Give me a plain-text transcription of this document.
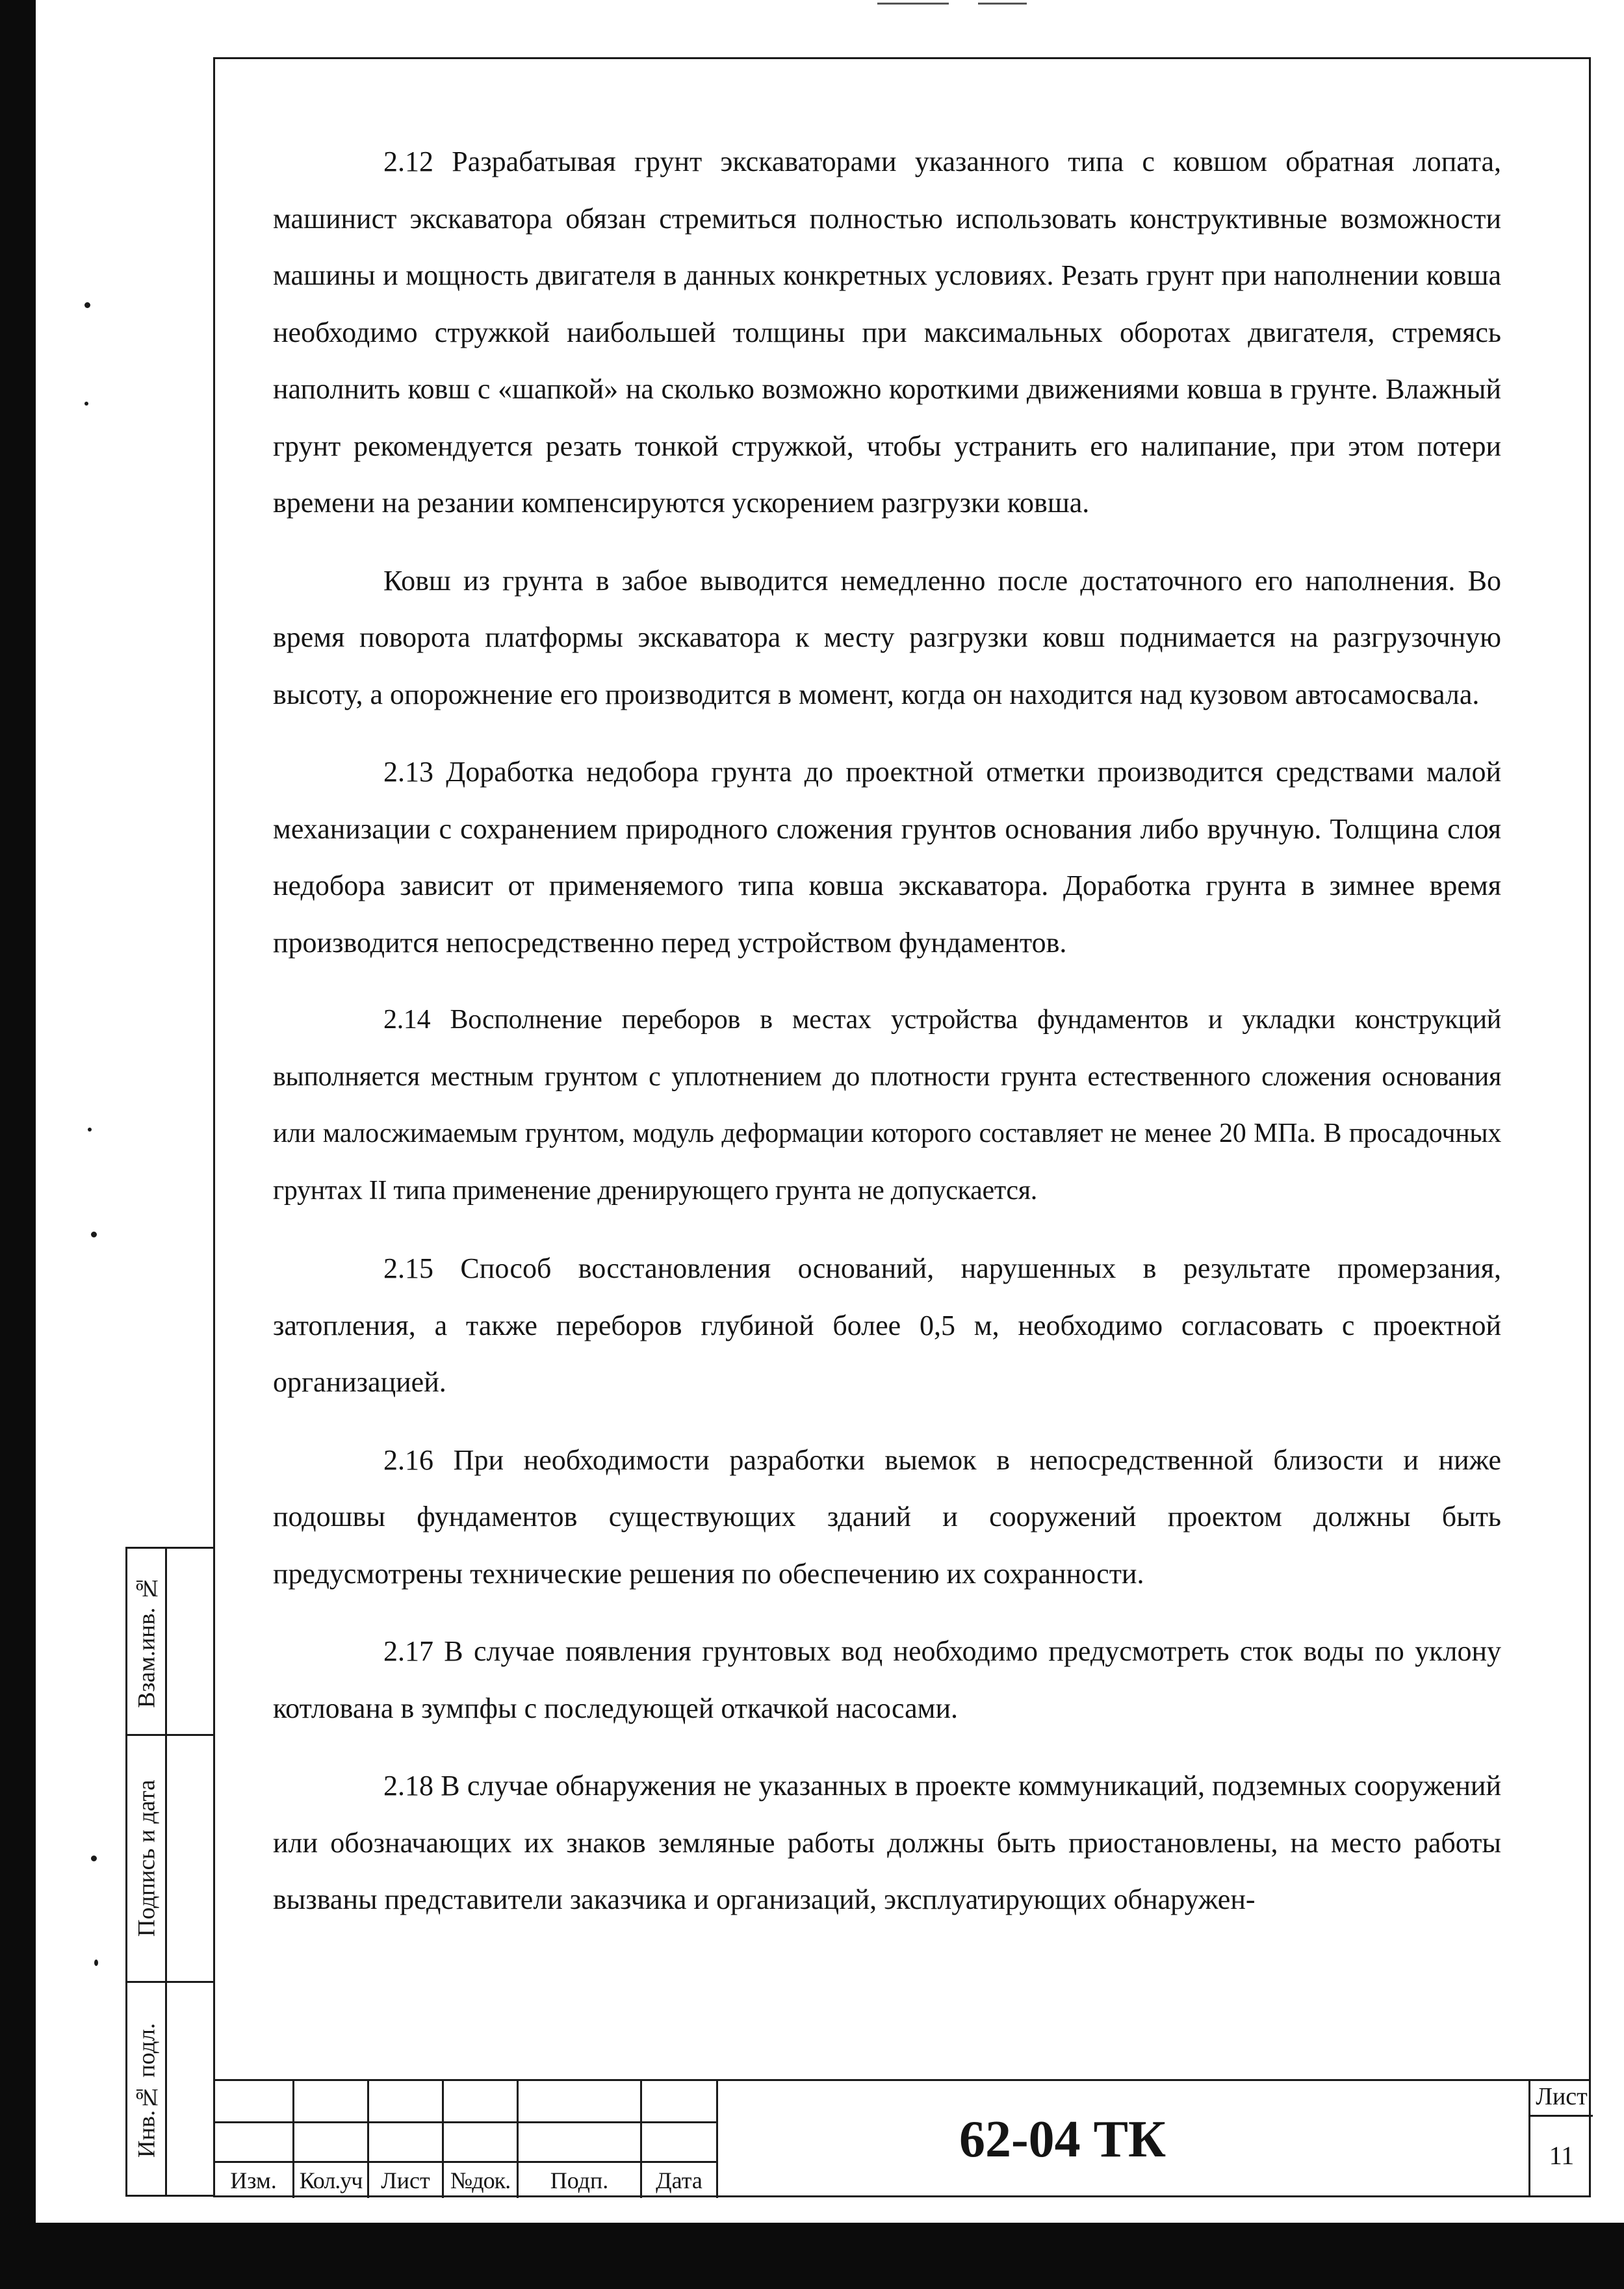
2.12 Разрабатывая грунт экскаваторами указанного типа с ковшом обратная лопата, машинист экскаватора обязан стремиться полностью использовать конструктивные возможности машины и мощность двигателя в данных конкретных условиях. Резать грунт при наполнении ковша необходимо стружкой наибольшей толщины при максимальных оборотах двигателя, стремясь наполнить ковш с «шапкой» на сколько возможно короткими движениями ковша в грунте. Влажный грунт рекомендуется резать тонкой стружкой, чтобы устранить его налипание, при этом потери времени на резании компенсируются ускорением разгрузки ковша.

Ковш из грунта в забое выводится немедленно после достаточного его наполнения. Во время поворота платформы экскаватора к месту разгрузки ковш поднимается на разгрузочную высоту, а опорожнение его производится в момент, когда он находится над кузовом автосамосвала.

2.13 Доработка недобора грунта до проектной отметки производится средствами малой механизации с сохранением природного сложения грунтов основания либо вручную. Толщина слоя недобора зависит от применяемого типа ковша экскаватора. Доработка грунта в зимнее время производится непосредственно перед устройством фундаментов.

2.14 Восполнение переборов в местах устройства фундаментов и укладки конструкций выполняется местным грунтом с уплотнением до плотности грунта естественного сложения основания или малосжимаемым грунтом, модуль деформации которого составляет не менее 20 МПа. В просадочных грунтах II типа применение дренирующего грунта не допускается.

2.15 Способ восстановления оснований, нарушенных в результате промерзания, затопления, а также переборов глубиной более 0,5 м, необходимо согласовать с проектной организацией.

2.16 При необходимости разработки выемок в непосредственной близости и ниже подошвы фундаментов существующих зданий и сооружений проектом должны быть предусмотрены технические решения по обеспечению их сохранности.

2.17 В случае появления грунтовых вод необходимо предусмотреть сток воды по уклону котлована в зумпфы с последующей откачкой насосами.

2.18 В случае обнаружения не указанных в проекте коммуникаций, подземных сооружений или обозначающих их знаков земляные работы должны быть приостановлены, на место работы вызваны представители заказчика и организаций, эксплуатирующих обнаружен-

Взам.инв. №
Подпись и дата
Инв.№ подл.
Изм. Кол.уч Лист №док.	Подп.	Дата
62-04 ТК
Лист
11
